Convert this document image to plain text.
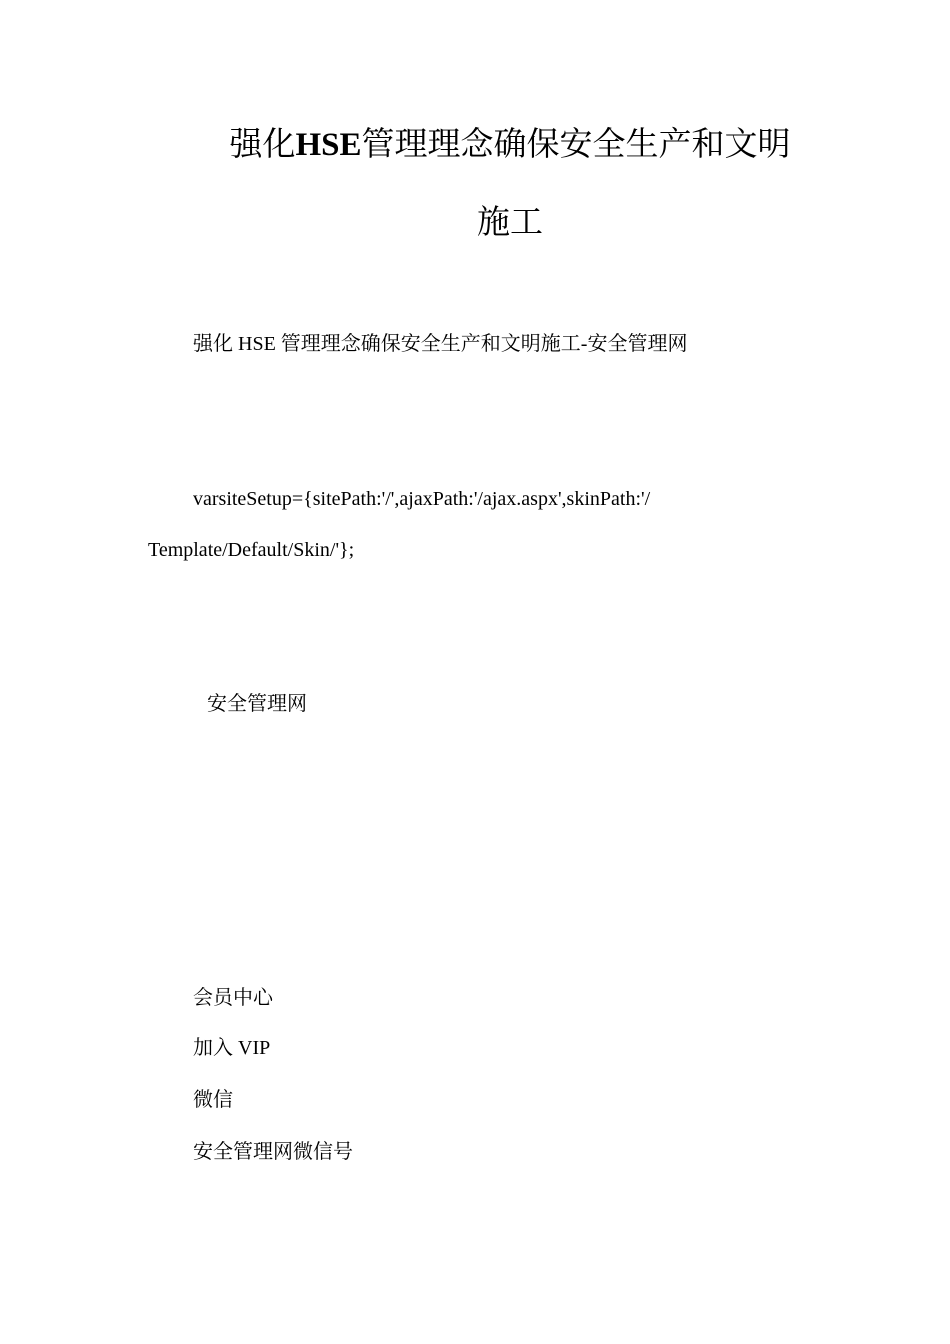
强化HSE管理理念确保安全生产和文明
施工
强化 HSE 管理理念确保安全生产和文明施工-安全管理网
varsiteSetup={sitePath:'/',ajaxPath:'/ajax.aspx',skinPath:'/
Template/Default/Skin/'};
安全管理网
会员中心
加入 VIP
微信
安全管理网微信号
